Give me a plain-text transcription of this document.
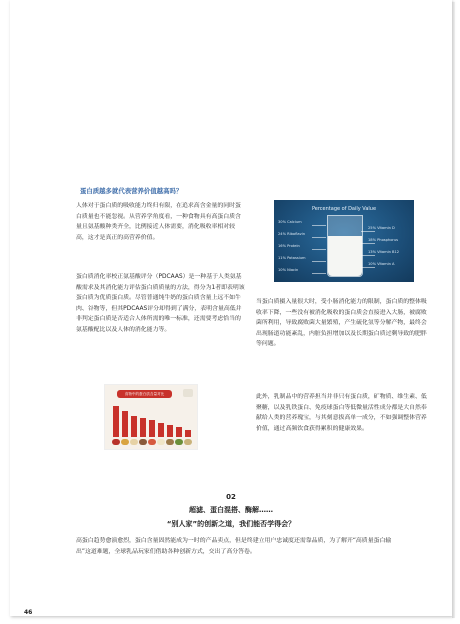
蛋白质越多就代表营养价值越高吗？

人体对于蛋白质的吸收能力终归有限，在追求高含金量的同时蛋白质量也不能忽视。从营养学角度看，一种食物具有高蛋白质含量且氨基酸种类齐全，比例接近人体需要，消化吸收率相对较高，这才是真正的高营养价值。

蛋白质消化率校正氨基酸评分（PDCAAS）是一种基于人类氨基酸需求及其消化能力评估蛋白质质量的方法，得分为1者即表明该蛋白质为优质蛋白质。尽管普通纯牛奶的蛋白质含量上远不如牛肉、谷物等，但其PDCAAS评分却得到了满分，表明含量高低并非判定蛋白质是否适合人体所需的唯一标准，还需要考虑恰当的氨基酸配比以及人体的消化能力等。

Percentage of Daily Value
30% Calcium
25% Vitamin D
24% Riboflavin
18% Phosphorus
16% Protein
13% Vitamin B12
11% Potassium
10% Vitamin A
10% Niacin

当蛋白质摄入量很大时，受小肠消化能力的限制，蛋白质的整体吸收率下降，一些没有被消化吸收的蛋白质会直接进入大肠，被腐败菌所利用，导致腐败菌大量繁殖，产生硫化氢等分解产物，最终会出现肠道功能紊乱，内脏负担增加以及长期蛋白质过剩导致的肥胖等问题。

食物中的蛋白质含量对比	此外，乳制品中的营养担当并非只有蛋白质，矿物质、维生素、低聚糖，以及乳铁蛋白、免疫球蛋白等低微量活性成分都是大自然奉献给人类的营养瑰宝，与其刻意拔高单一成分，不如强调整体营养价值，通过高频饮食获得累积的健康效果。

02
超滤、蛋白混搭、酶解……
“别人家”的创新之道，我们能否学得会？

高蛋白趋势愈演愈烈，蛋白含量固然能成为一时的产品卖点，但是终建立用户忠诚度还需靠品质，为了解开“高质量蛋白输出”这道难题，全球乳品玩家们借助各种创新方式，交出了高分答卷。

46
